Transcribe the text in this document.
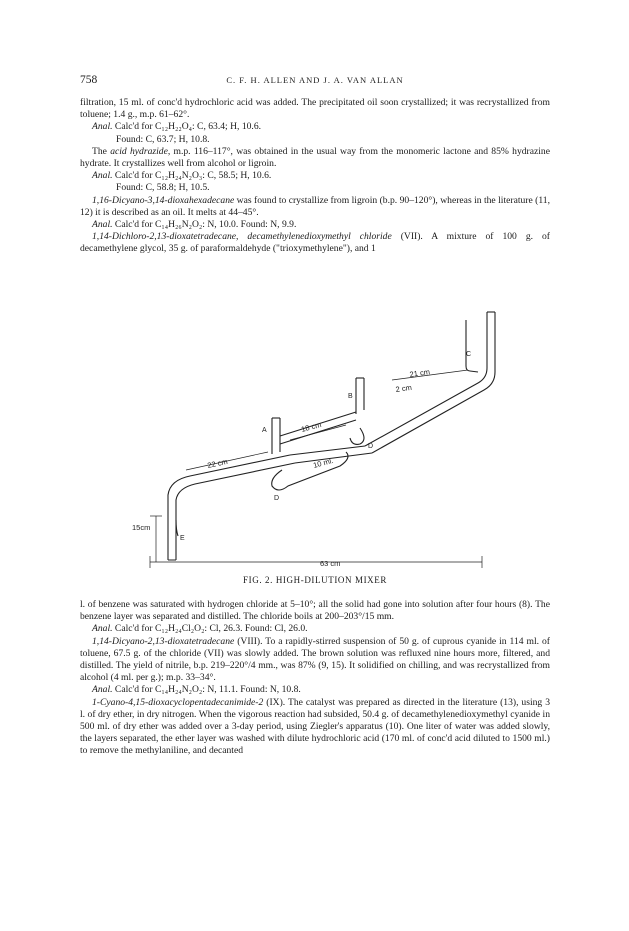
758	C. F. H. ALLEN AND J. A. VAN ALLAN

filtration, 15 ml. of conc'd hydrochloric acid was added. The precipitated oil soon crystallized; it was recrystallized from toluene; 1.4 g., m.p. 61–62°.

Anal. Calc'd for C₁₂H₂₂O₄: C, 63.4; H, 10.6.

Found: C, 63.7; H, 10.8.

The acid hydrazide, m.p. 116–117°, was obtained in the usual way from the monomeric lactone and 85% hydrazine hydrate. It crystallizes well from alcohol or ligroin.

Anal. Calc'd for C₁₂H₂₄N₂O₃: C, 58.5; H, 10.6.

Found: C, 58.8; H, 10.5.

1,16-Dicyano-3,14-dioxahexadecane was found to crystallize from ligroin (b.p. 90–120°), whereas in the literature (11, 12) it is described as an oil. It melts at 44–45°.

Anal. Calc'd for C₁₄H₂₆N₂O₂: N, 10.0. Found: N, 9.9.

1,14-Dichloro-2,13-dioxatetradecane, decamethylenedioxymethyl chloride (VII). A mixture of 100 g. of decamethylene glycol, 35 g. of paraformaldehyde ("trioxymethylene"), and 1

C
B
A
D
D
E
21 cm
2 cm
18 cm
10 ml.
22 cm
15cm
63 cm
FIG. 2. HIGH-DILUTION MIXER

l. of benzene was saturated with hydrogen chloride at 5–10°; all the solid had gone into solution after four hours (8). The benzene layer was separated and distilled. The chloride boils at 200–203°/15 mm.

Anal. Calc'd for C₁₂H₂₄Cl₂O₂: Cl, 26.3. Found: Cl, 26.0.

1,14-Dicyano-2,13-dioxatetradecane (VIII). To a rapidly-stirred suspension of 50 g. of cuprous cyanide in 114 ml. of toluene, 67.5 g. of the chloride (VII) was slowly added. The brown solution was refluxed nine hours more, filtered, and distilled. The yield of nitrile, b.p. 219–220°/4 mm., was 87% (9, 15). It solidified on chilling, and was recrystallized from alcohol (4 ml. per g.); m.p. 33–34°.

Anal. Calc'd for C₁₄H₂₄N₂O₂: N, 11.1. Found: N, 10.8.

1-Cyano-4,15-dioxacyclopentadecanimide-2 (IX). The catalyst was prepared as directed in the literature (13), using 3 l. of dry ether, in dry nitrogen. When the vigorous reaction had subsided, 50.4 g. of decamethylenedioxymethyl cyanide in 500 ml. of dry ether was added over a 3-day period, using Ziegler's apparatus (10). One liter of water was added slowly, the layers separated, the ether layer was washed with dilute hydrochloric acid (170 ml. of conc'd acid diluted to 1500 ml.) to remove the methylaniline, and decanted
